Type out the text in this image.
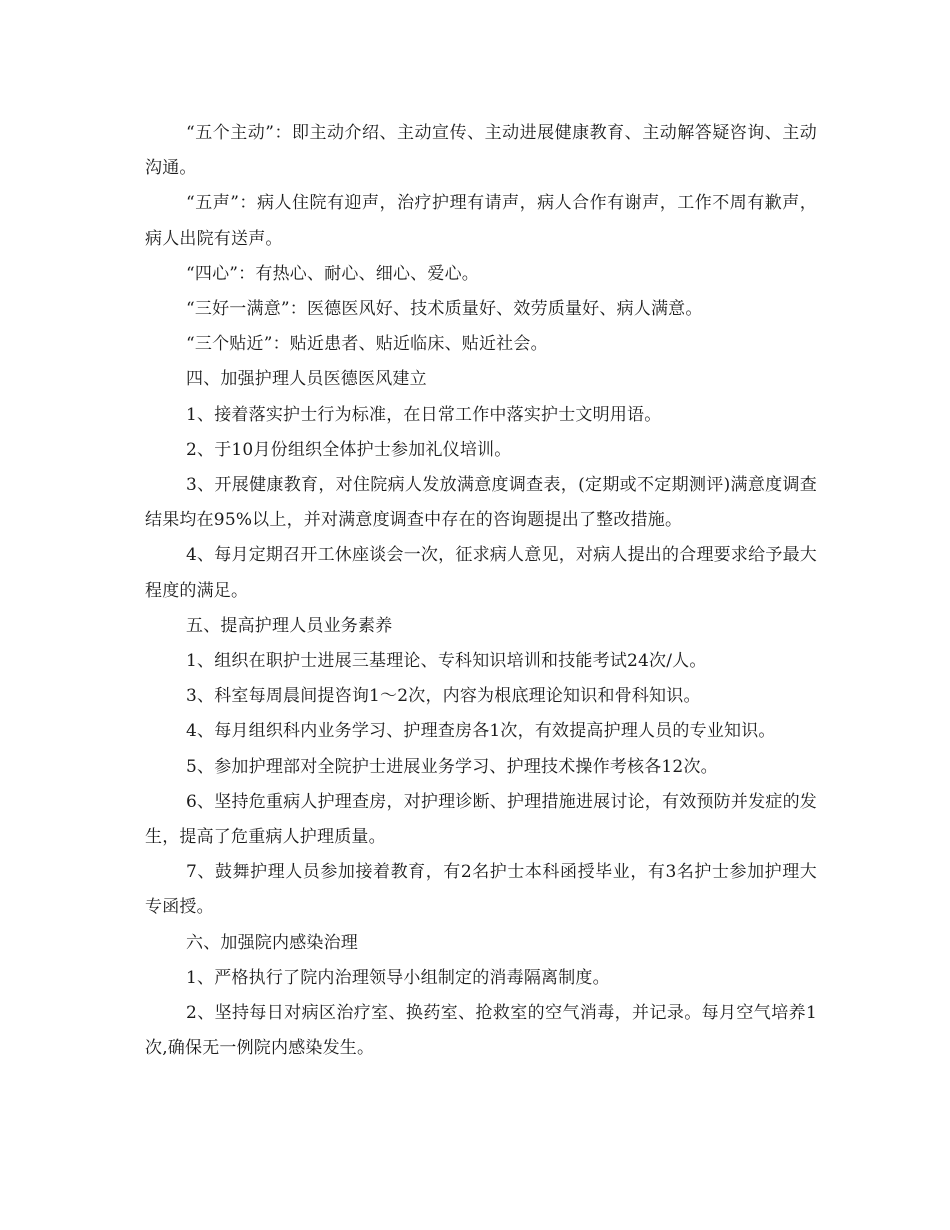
“五个主动”：即主动介绍、主动宣传、主动进展健康教育、主动解答疑咨询、主动沟通。

“五声”：病人住院有迎声，治疗护理有请声，病人合作有谢声，工作不周有歉声，病人出院有送声。

“四心”：有热心、耐心、细心、爱心。

“三好一满意”：医德医风好、技术质量好、效劳质量好、病人满意。

“三个贴近”：贴近患者、贴近临床、贴近社会。

四、加强护理人员医德医风建立

1、接着落实护士行为标准，在日常工作中落实护士文明用语。

2、于10月份组织全体护士参加礼仪培训。

3、开展健康教育，对住院病人发放满意度调查表，(定期或不定期测评)满意度调查结果均在95%以上，并对满意度调查中存在的咨询题提出了整改措施。

4、每月定期召开工休座谈会一次，征求病人意见，对病人提出的合理要求给予最大程度的满足。

五、提高护理人员业务素养

1、组织在职护士进展三基理论、专科知识培训和技能考试24次/人。

3、科室每周晨间提咨询1～2次，内容为根底理论知识和骨科知识。

4、每月组织科内业务学习、护理查房各1次，有效提高护理人员的专业知识。

5、参加护理部对全院护士进展业务学习、护理技术操作考核各12次。

6、坚持危重病人护理查房，对护理诊断、护理措施进展讨论，有效预防并发症的发生，提高了危重病人护理质量。

7、鼓舞护理人员参加接着教育，有2名护士本科函授毕业，有3名护士参加护理大专函授。

六、加强院内感染治理

1、严格执行了院内治理领导小组制定的消毒隔离制度。

2、坚持每日对病区治疗室、换药室、抢救室的空气消毒，并记录。每月空气培养1次,确保无一例院内感染发生。
